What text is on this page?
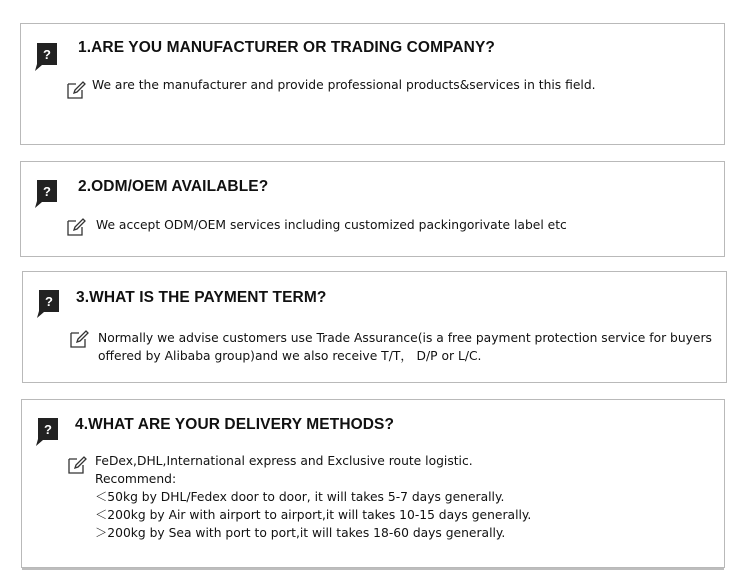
? 1.ARE YOU MANUFACTURER OR TRADING COMPANY?
We are the manufacturer and provide professional products&services in this field.
? 2.ODM/OEM AVAILABLE?
We accept ODM/OEM services including customized packingorivate label etc
? 3.WHAT IS THE PAYMENT TERM?
Normally we advise customers use Trade Assurance(is a free payment protection service for buyers
offered by Alibaba group)and we also receive T/T， D/P or L/C.
? 4.WHAT ARE YOUR DELIVERY METHODS?
FeDex,DHL,International express and Exclusive route logistic.
Recommend:
＜50kg by DHL/Fedex door to door, it will takes 5-7 days generally.
＜200kg by Air with airport to airport,it will takes 10-15 days generally.
＞200kg by Sea with port to port,it will takes 18-60 days generally.
